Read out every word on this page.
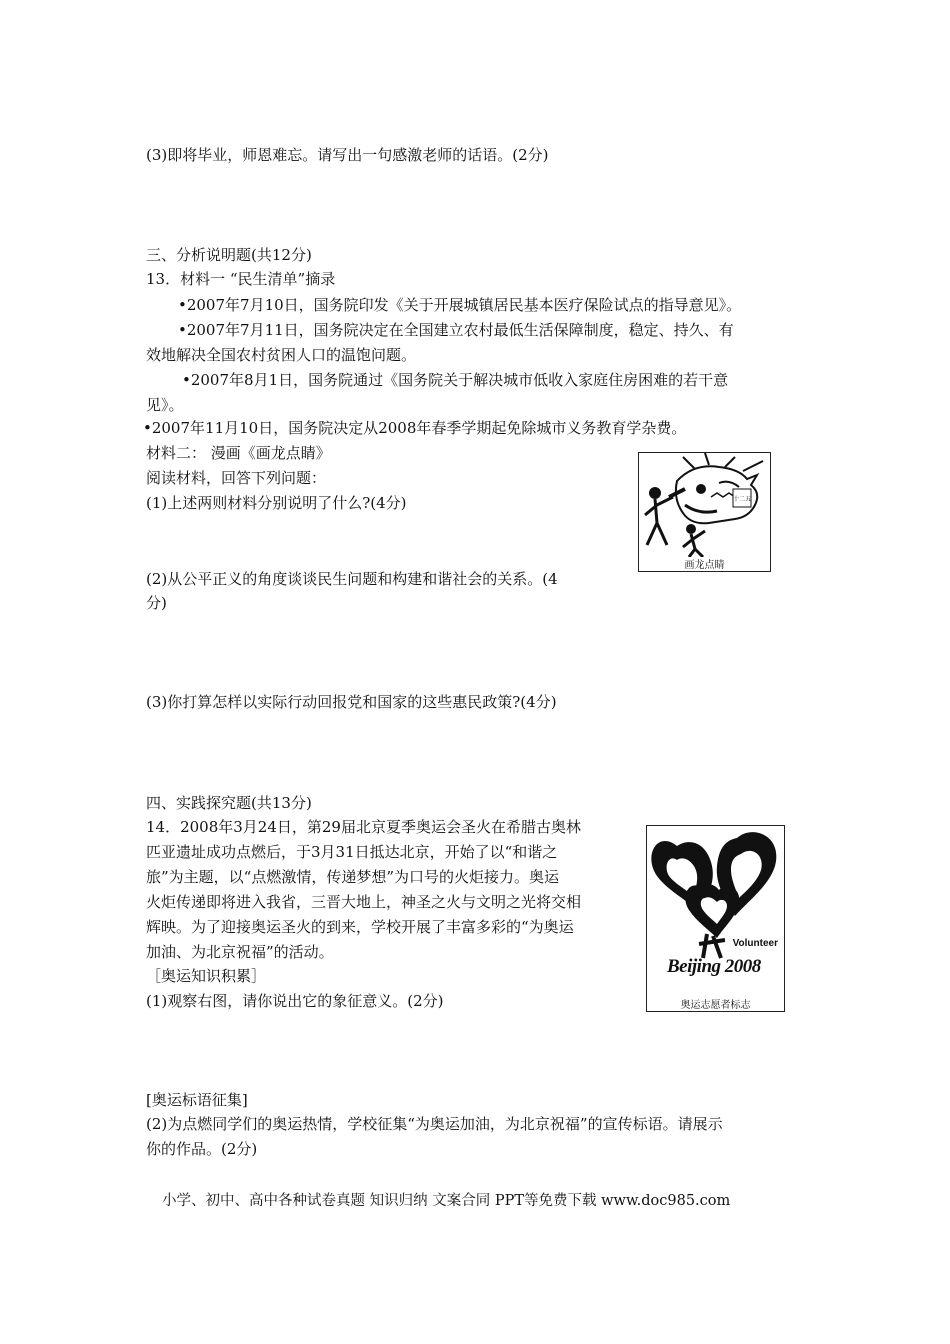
(3)即将毕业，师恩难忘。请写出一句感激老师的话语。(2分)
三、分析说明题(共12分)
13．材料一 “民生清单”摘录
•2007年7月10日，国务院印发《关于开展城镇居民基本医疗保险试点的指导意见》。
•2007年7月11日，国务院决定在全国建立农村最低生活保障制度，稳定、持久、有
效地解决全国农村贫困人口的温饱问题。
•2007年8月1日，国务院通过《国务院关于解决城市低收入家庭住房困难的若干意
见》。
•2007年11月10日，国务院决定从2008年春季学期起免除城市义务教育学杂费。
材料二： 漫画《画龙点睛》
阅读材料，回答下列问题：
(1)上述两则材料分别说明了什么?(4分)
(2)从公平正义的角度谈谈民生问题和构建和谐社会的关系。(4
分)
(3)你打算怎样以实际行动回报党和国家的这些惠民政策?(4分)
十二五
画龙点睛
四、实践探究题(共13分)
14．2008年3月24日，第29届北京夏季奥运会圣火在希腊古奥林
匹亚遗址成功点燃后，于3月31日抵达北京，开始了以“和谐之
旅”为主题，以“点燃激情，传递梦想”为口号的火炬接力。奥运
火炬传递即将进入我省，三晋大地上，神圣之火与文明之光将交相
辉映。为了迎接奥运圣火的到来，学校开展了丰富多彩的“为奥运
加油、为北京祝福”的活动。
［奥运知识积累］
(1)观察右图，请你说出它的象征意义。(2分)
[奥运标语征集]
(2)为点燃同学们的奥运热情，学校征集“为奥运加油，为北京祝福”的宣传标语。请展示
你的作品。(2分)
Volunteer
Beijing 2008
奥运志愿者标志
小学、初中、高中各种试卷真题 知识归纳 文案合同 PPT等免费下载 www.doc985.com
